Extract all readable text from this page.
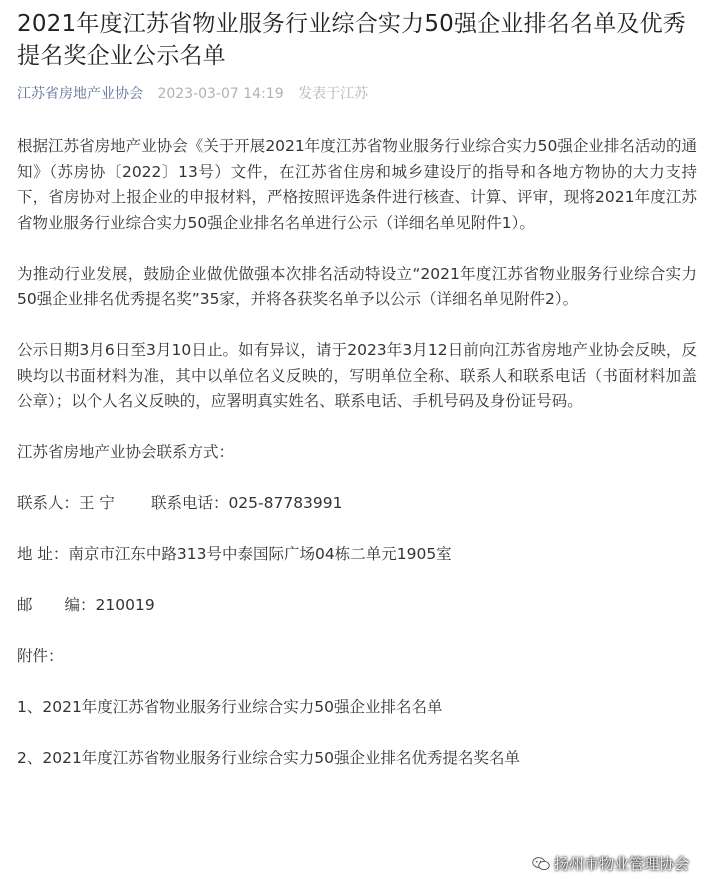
2021年度江苏省物业服务行业综合实力50强企业排名名单及优秀提名奖企业公示名单
江苏省房地产业协会 2023-03-07 14:19 发表于江苏

根据江苏省房地产业协会《关于开展2021年度江苏省物业服务行业综合实力50强企业排名活动的通知》（苏房协〔2022〕13号）文件，在江苏省住房和城乡建设厅的指导和各地方物协的大力支持下，省房协对上报企业的申报材料，严格按照评选条件进行核查、计算、评审，现将2021年度江苏省物业服务行业综合实力50强企业排名名单进行公示（详细名单见附件1）。

为推动行业发展，鼓励企业做优做强本次排名活动特设立“2021年度江苏省物业服务行业综合实力50强企业排名优秀提名奖”35家，并将各获奖名单予以公示（详细名单见附件2）。

公示日期3月6日至3月10日止。如有异议，请于2023年3月12日前向江苏省房地产业协会反映，反映均以书面材料为准，其中以单位名义反映的，写明单位全称、联系人和联系电话（书面材料加盖公章）；以个人名义反映的，应署明真实姓名、联系电话、手机号码及身份证号码。

江苏省房地产业协会联系方式：

联系人：王 宁 联系电话：025-87783991

地 址：南京市江东中路313号中泰国际广场04栋二单元1905室

邮 编：210019

附件：

1、2021年度江苏省物业服务行业综合实力50强企业排名名单

2、2021年度江苏省物业服务行业综合实力50强企业排名优秀提名奖名单

扬州市物业管理协会
